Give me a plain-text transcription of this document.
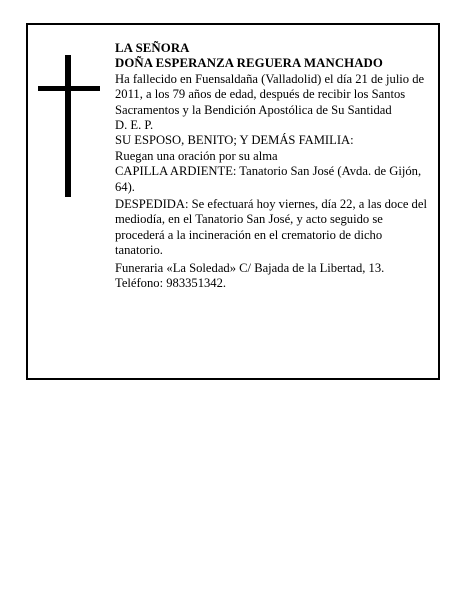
LA SEÑORA

DOÑA ESPERANZA REGUERA MANCHADO

Ha fallecido en Fuensaldaña (Valladolid) el día 21 de julio de 2011, a los 79 años de edad, después de recibir los Santos Sacramentos y la Bendición Apostólica de Su Santidad

D. E. P.

SU ESPOSO, BENITO; Y DEMÁS FAMILIA:

Ruegan una oración por su alma

CAPILLA ARDIENTE: Tanatorio San José (Avda. de Gijón, 64).

DESPEDIDA: Se efectuará hoy viernes, día 22, a las doce del mediodía, en el Tanatorio San José, y acto seguido se procederá a la incineración en el crematorio de dicho tanatorio.

Funeraria «La Soledad» C/ Bajada de la Libertad, 13. Teléfono: 983351342.
